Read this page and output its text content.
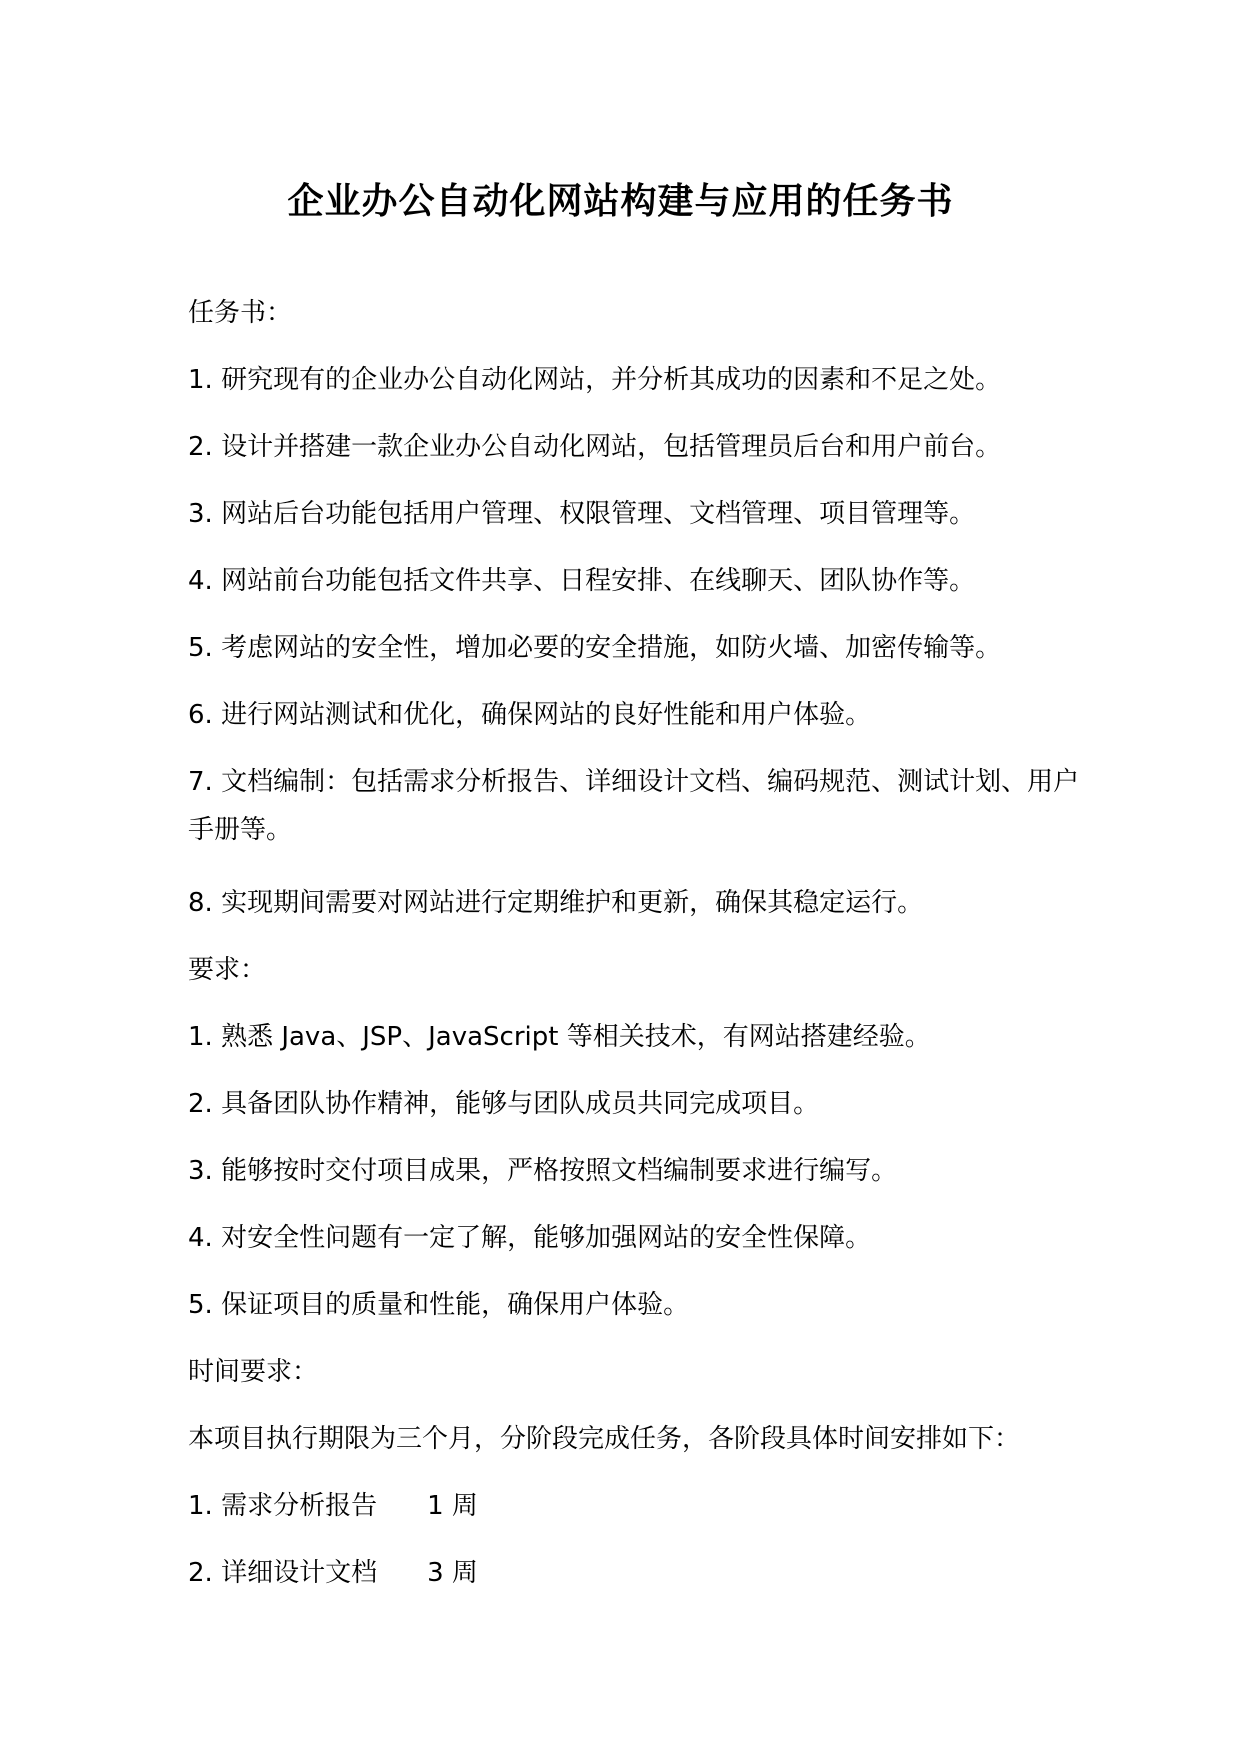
企业办公自动化网站构建与应用的任务书

任务书：

1. 研究现有的企业办公自动化网站，并分析其成功的因素和不足之处。

2. 设计并搭建一款企业办公自动化网站，包括管理员后台和用户前台。

3. 网站后台功能包括用户管理、权限管理、文档管理、项目管理等。

4. 网站前台功能包括文件共享、日程安排、在线聊天、团队协作等。

5. 考虑网站的安全性，增加必要的安全措施，如防火墙、加密传输等。

6. 进行网站测试和优化，确保网站的良好性能和用户体验。

7. 文档编制：包括需求分析报告、详细设计文档、编码规范、测试计划、用户手册等。

8. 实现期间需要对网站进行定期维护和更新，确保其稳定运行。

要求：

1. 熟悉 Java、JSP、JavaScript 等相关技术，有网站搭建经验。

2. 具备团队协作精神，能够与团队成员共同完成项目。

3. 能够按时交付项目成果，严格按照文档编制要求进行编写。

4. 对安全性问题有一定了解，能够加强网站的安全性保障。

5. 保证项目的质量和性能，确保用户体验。

时间要求：

本项目执行期限为三个月，分阶段完成任务，各阶段具体时间安排如下：

1. 需求分析报告 1 周

2. 详细设计文档 3 周
